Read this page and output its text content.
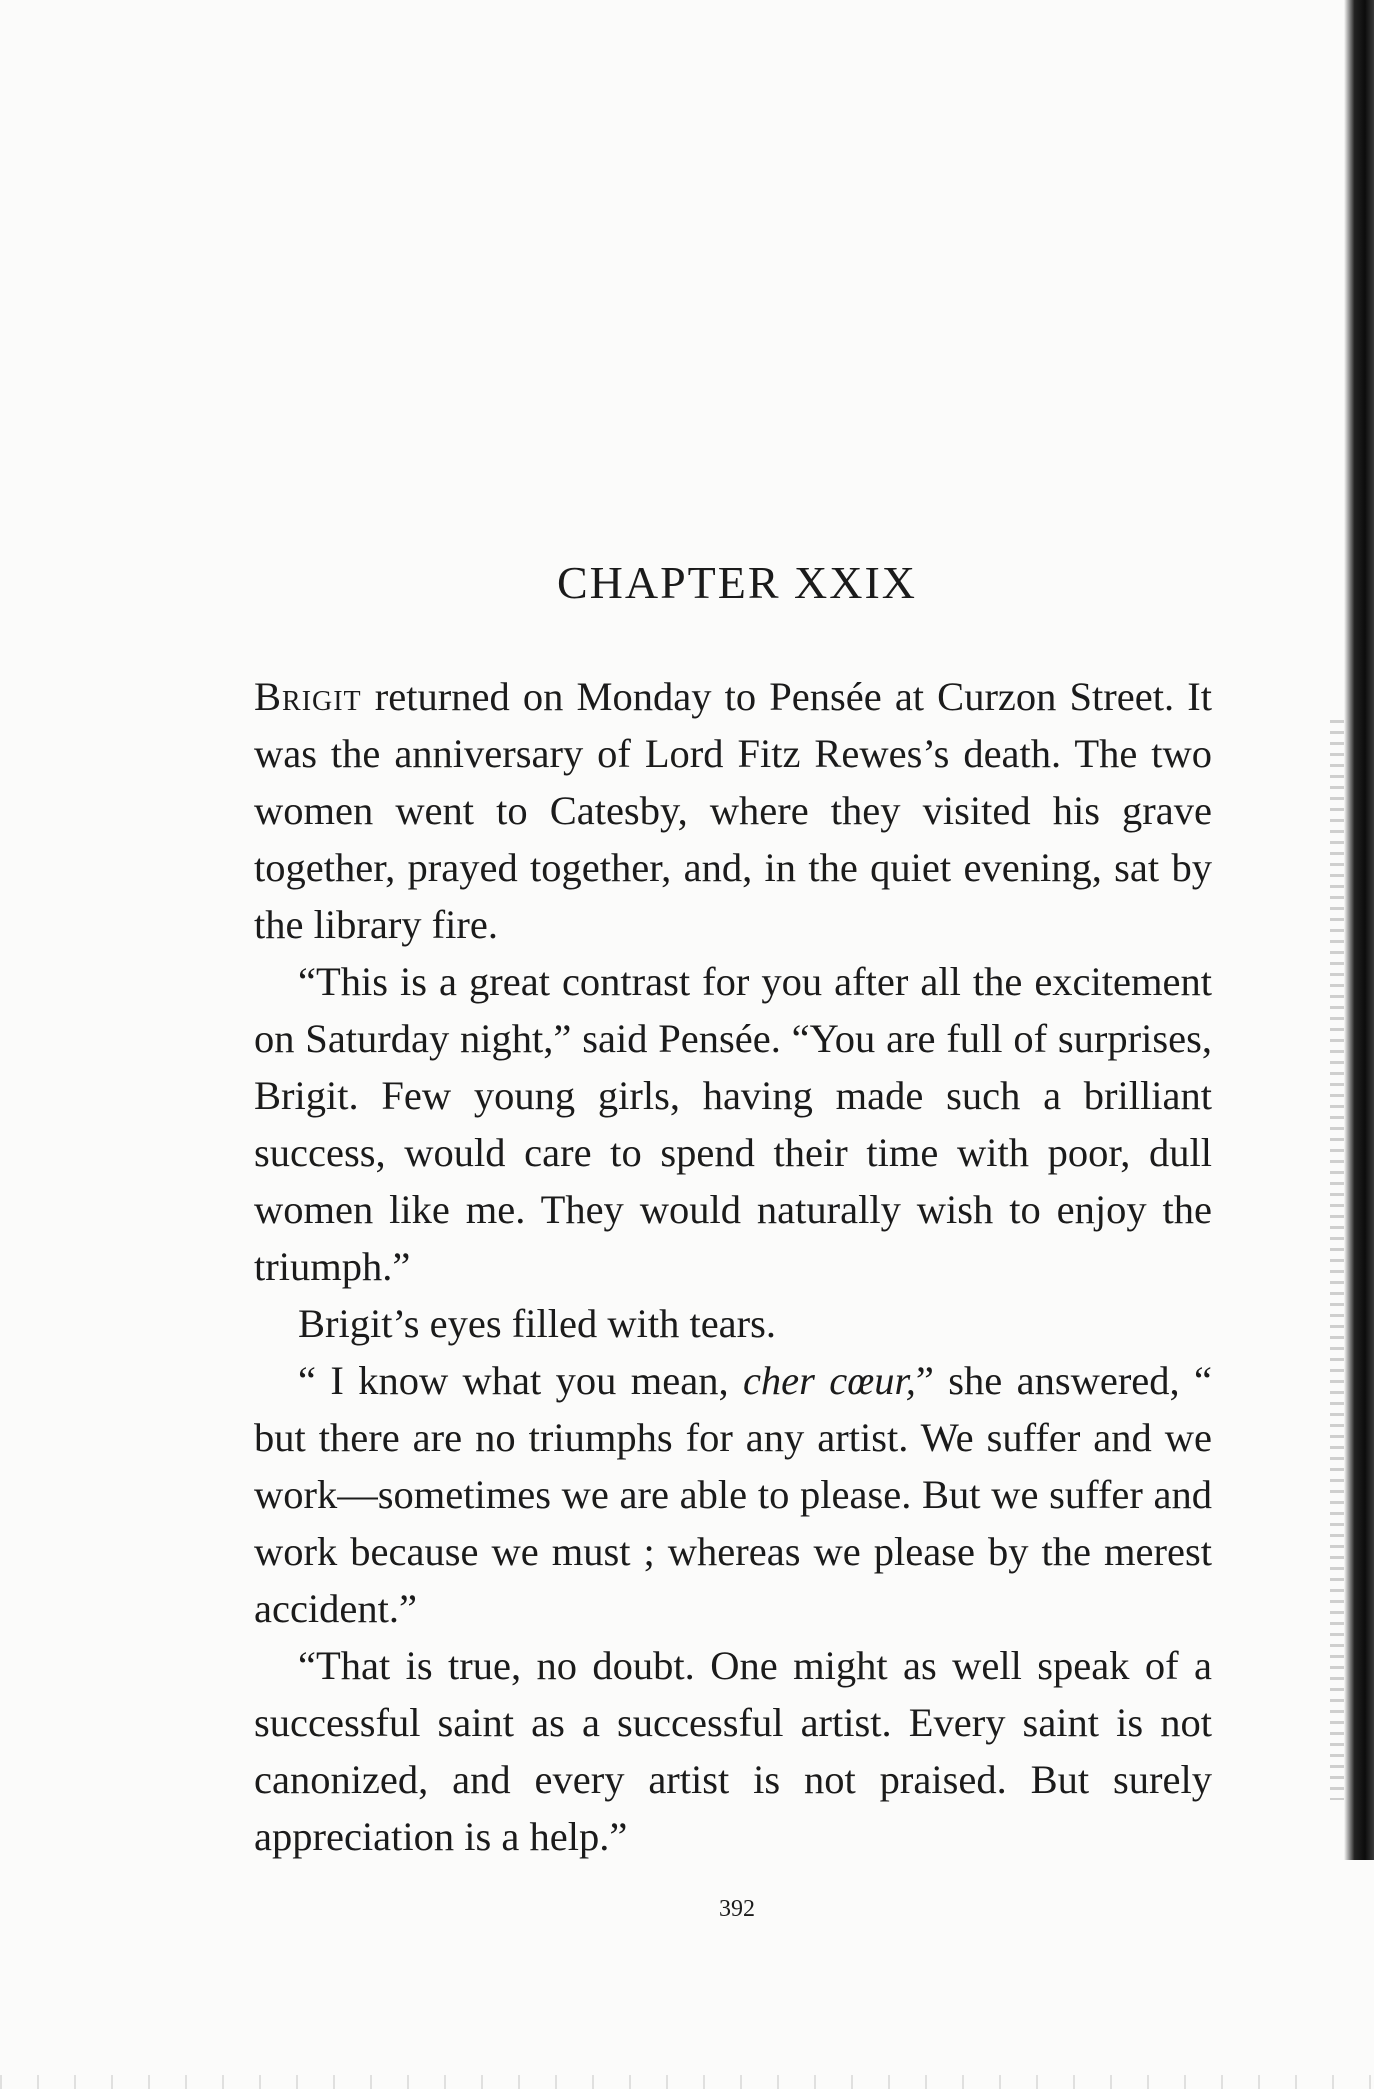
CHAPTER XXIX

Brigit returned on Monday to Pensée at Curzon Street. It was the anniversary of Lord Fitz Rewes’s death. The two women went to Catesby, where they visited his grave together, prayed together, and, in the quiet evening, sat by the library fire.

“This is a great contrast for you after all the excitement on Saturday night,” said Pensée. “You are full of surprises, Brigit. Few young girls, having made such a brilliant success, would care to spend their time with poor, dull women like me. They would naturally wish to enjoy the triumph.”

Brigit’s eyes filled with tears.

“ I know what you mean, cher cœur,” she answered, “ but there are no triumphs for any artist. We suffer and we work—sometimes we are able to please. But we suffer and work because we must ; whereas we please by the merest accident.”

“That is true, no doubt. One might as well speak of a successful saint as a successful artist. Every saint is not canonized, and every artist is not praised. But surely appreciation is a help.”

392
